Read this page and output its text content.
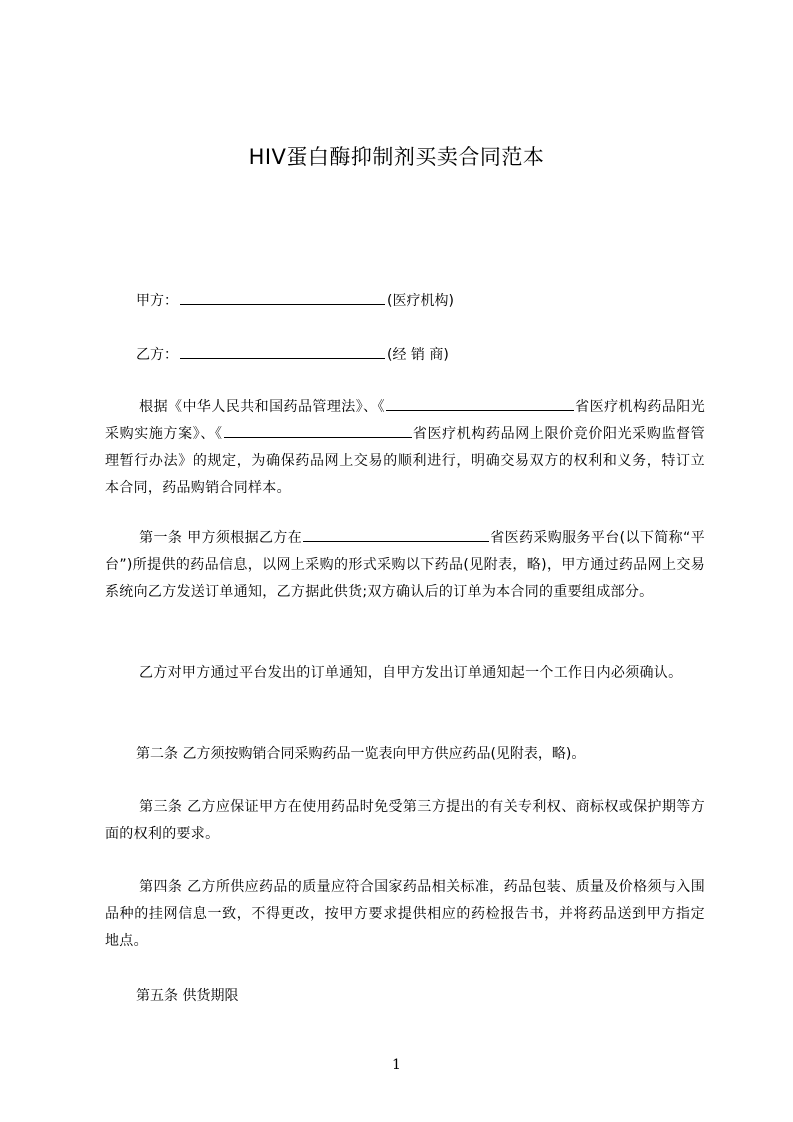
HIV蛋白酶抑制剂买卖合同范本
甲方：	(医疗机构)
乙方：	(经 销 商)
根据《中华人民共和国药品管理法》、《	省医疗机构药品阳光采购实施方案》、《	省医疗机构药品网上限价竞价阳光采购监督管理暂行办法》的规定，为确保药品网上交易的顺利进行，明确交易双方的权利和义务，特订立本合同，药品购销合同样本。
第一条 甲方须根据乙方在	省医药采购服务平台(以下简称“平台”)所提供的药品信息，以网上采购的形式采购以下药品(见附表，略)，甲方通过药品网上交易系统向乙方发送订单通知，乙方据此供货;双方确认后的订单为本合同的重要组成部分。
乙方对甲方通过平台发出的订单通知，自甲方发出订单通知起一个工作日内必须确认。
第二条 乙方须按购销合同采购药品一览表向甲方供应药品(见附表，略)。
第三条 乙方应保证甲方在使用药品时免受第三方提出的有关专利权、商标权或保护期等方面的权利的要求。
第四条 乙方所供应药品的质量应符合国家药品相关标准，药品包装、质量及价格须与入围品种的挂网信息一致，不得更改，按甲方要求提供相应的药检报告书，并将药品送到甲方指定地点。
第五条 供货期限
1
